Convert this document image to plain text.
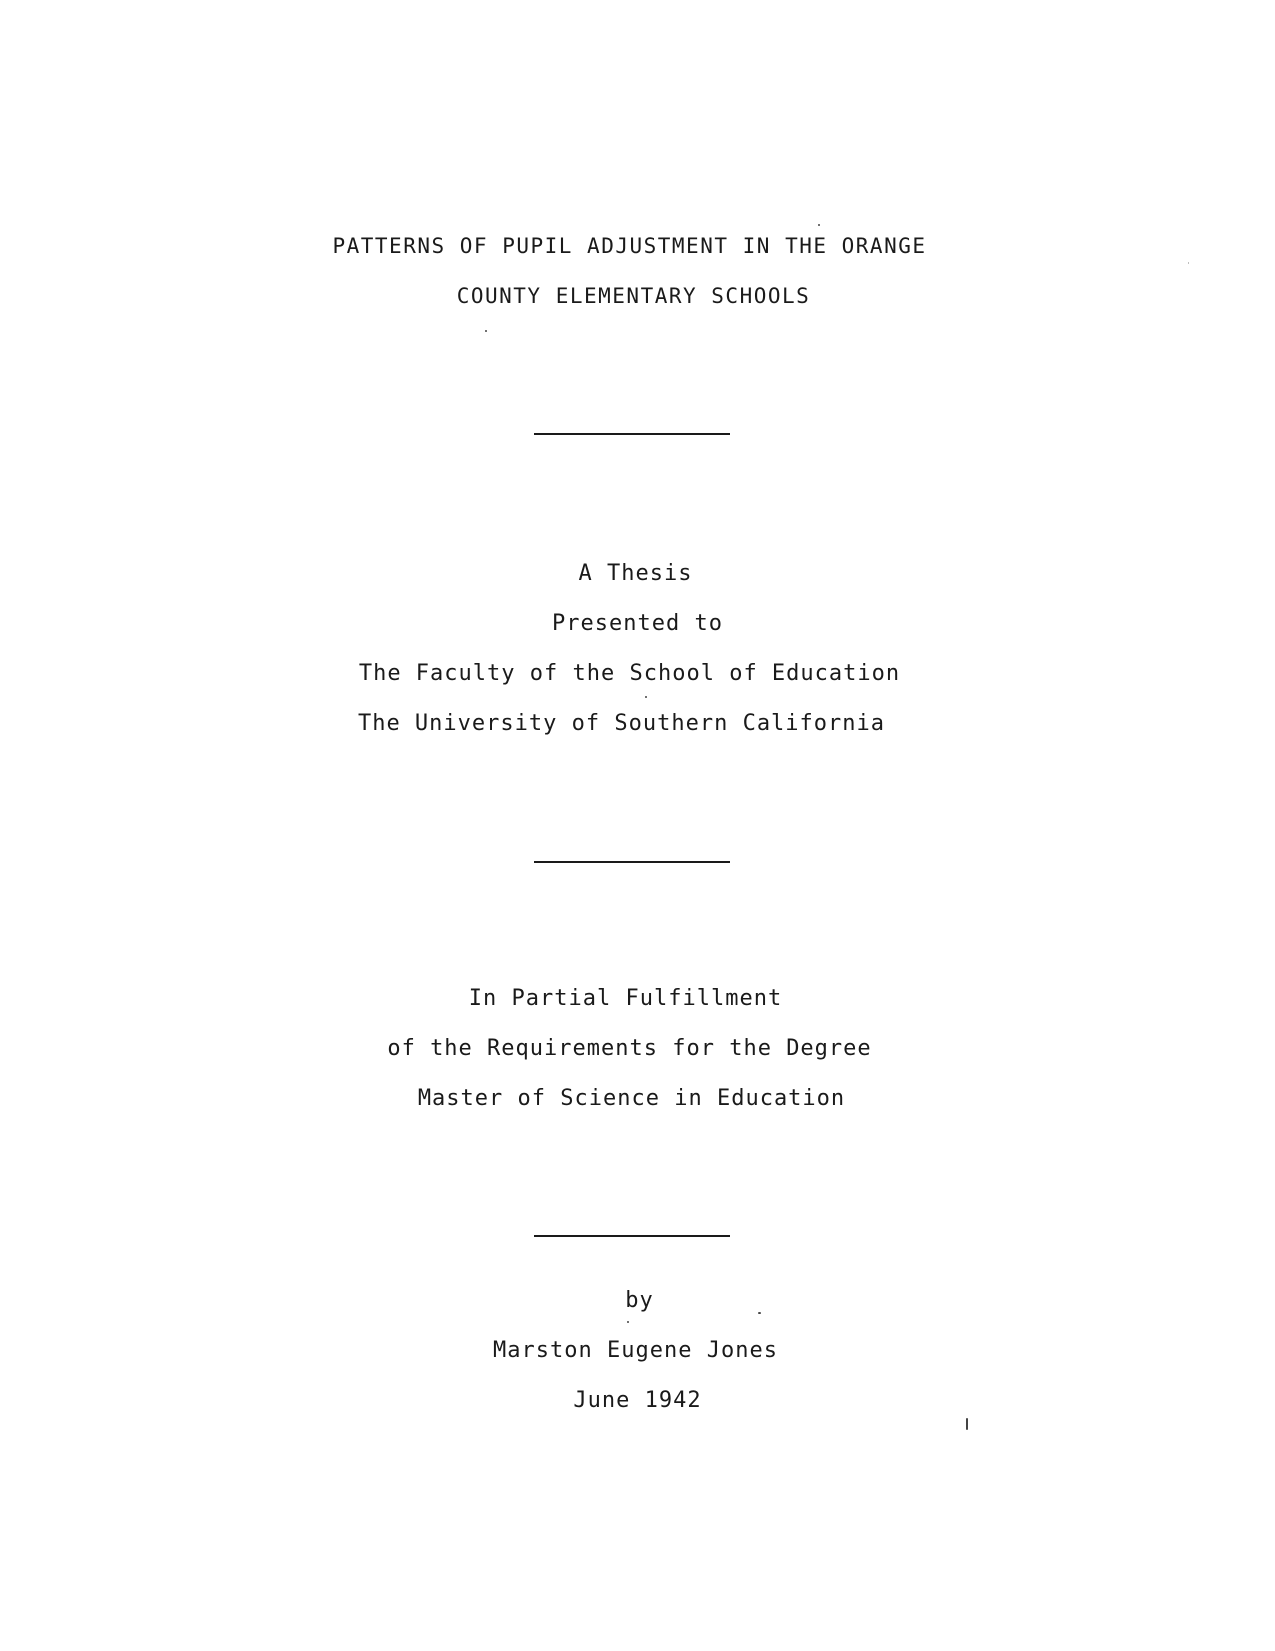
PATTERNS OF PUPIL ADJUSTMENT IN THE ORANGE
COUNTY ELEMENTARY SCHOOLS
A Thesis
Presented to
The Faculty of the School of Education
The University of Southern California
In Partial Fulfillment
of the Requirements for the Degree
Master of Science in Education
by
Marston Eugene Jones
June 1942
